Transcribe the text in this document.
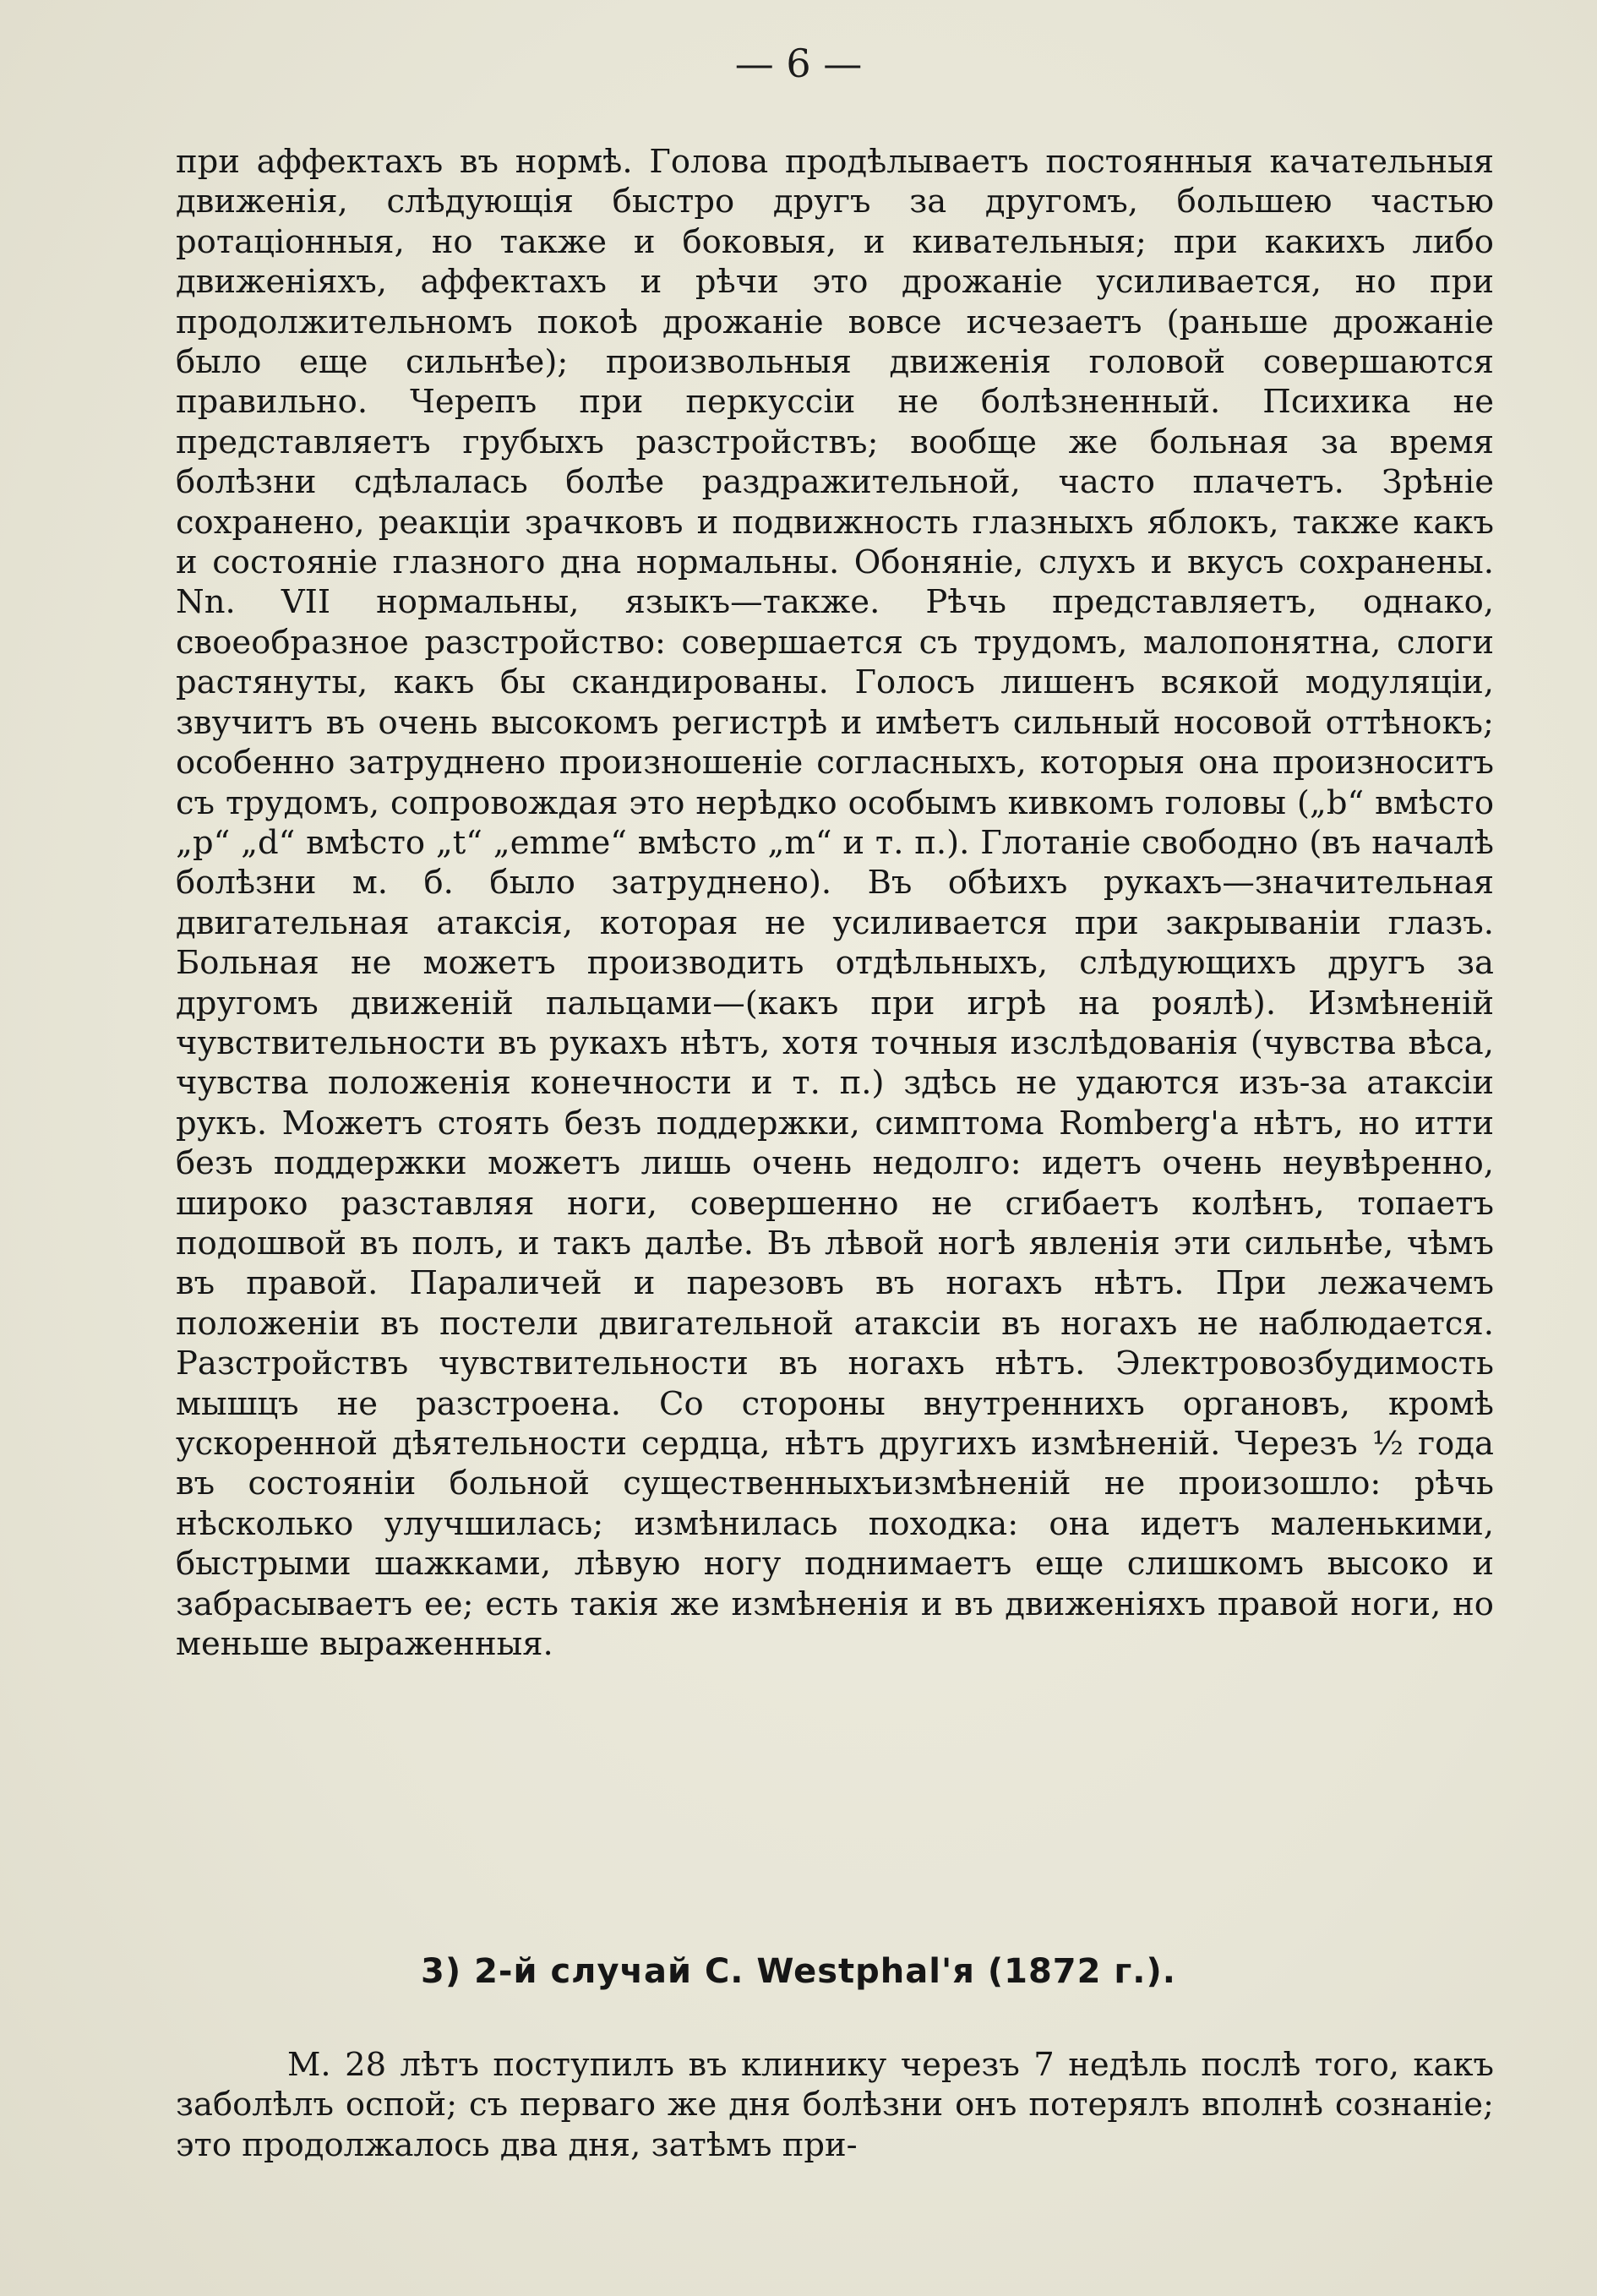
— 6 —

при аффектахъ въ нормѣ. Голова продѣлываетъ постоянныя качательныя движенія, слѣдующія быстро другъ за другомъ, большею частью ротаціонныя, но также и боковыя, и кивательныя; при какихъ либо движеніяхъ, аффектахъ и рѣчи это дрожаніе усиливается, но при продолжительномъ покоѣ дрожаніе вовсе исчезаетъ (раньше дрожаніе было еще сильнѣе); произвольныя движенія головой совершаются правильно. Черепъ при перкуссіи не болѣзненный. Психика не представляетъ грубыхъ разстройствъ; вообще же больная за время болѣзни сдѣлалась болѣе раздражительной, часто плачетъ. Зрѣніе сохранено, реакціи зрачковъ и подвижность глазныхъ яблокъ, также какъ и состояніе глазного дна нормальны. Обоняніе, слухъ и вкусъ сохранены. Nn. VII нормальны, языкъ—также. Рѣчь представляетъ, однако, своеобразное разстройство: совершается съ трудомъ, малопонятна, слоги растянуты, какъ бы скандированы. Голосъ лишенъ всякой модуляціи, звучитъ въ очень высокомъ регистрѣ и имѣетъ сильный носовой оттѣнокъ; особенно затруднено произношеніе согласныхъ, которыя она произноситъ съ трудомъ, сопровождая это нерѣдко особымъ кивкомъ головы („b“ вмѣсто „p“ „d“ вмѣсто „t“ „emme“ вмѣсто „m“ и т. п.). Глотаніе свободно (въ началѣ болѣзни м. б. было затруднено). Въ обѣихъ рукахъ—значительная двигательная атаксія, которая не усиливается при закрываніи глазъ. Больная не можетъ производить отдѣльныхъ, слѣдующихъ другъ за другомъ движеній пальцами—(какъ при игрѣ на роялѣ). Измѣненій чувствительности въ рукахъ нѣтъ, хотя точныя изслѣдованія (чувства вѣса, чувства положенія конечности и т. п.) здѣсь не удаются изъ-за атаксіи рукъ. Можетъ стоять безъ поддержки, симптома Romberg'а нѣтъ, но итти безъ поддержки можетъ лишь очень недолго: идетъ очень неувѣренно, широко разставляя ноги, совершенно не сгибаетъ колѣнъ, топаетъ подошвой въ полъ, и такъ далѣе. Въ лѣвой ногѣ явленія эти сильнѣе, чѣмъ въ правой. Параличей и парезовъ въ ногахъ нѣтъ. При лежачемъ положеніи въ постели двигательной атаксіи въ ногахъ не наблюдается. Разстройствъ чувствительности въ ногахъ нѣтъ. Электровозбудимость мышцъ не разстроена. Со стороны внутреннихъ органовъ, кромѣ ускоренной дѣятельности сердца, нѣтъ другихъ измѣненій. Черезъ ½ года въ состояніи больной существенныхъизмѣненій не произошло: рѣчь нѣсколько улучшилась; измѣнилась походка: она идетъ маленькими, быстрыми шажками, лѣвую ногу поднимаетъ еще слишкомъ высоко и забрасываетъ ее; есть такія же измѣненія и въ движеніяхъ правой ноги, но меньше выраженныя.

3) 2-й случай C. Westphal'я (1872 г.).

М. 28 лѣтъ поступилъ въ клинику черезъ 7 недѣль послѣ того, какъ заболѣлъ оспой; съ перваго же дня болѣзни онъ потерялъ вполнѣ сознаніе; это продолжалось два дня, затѣмъ при-
